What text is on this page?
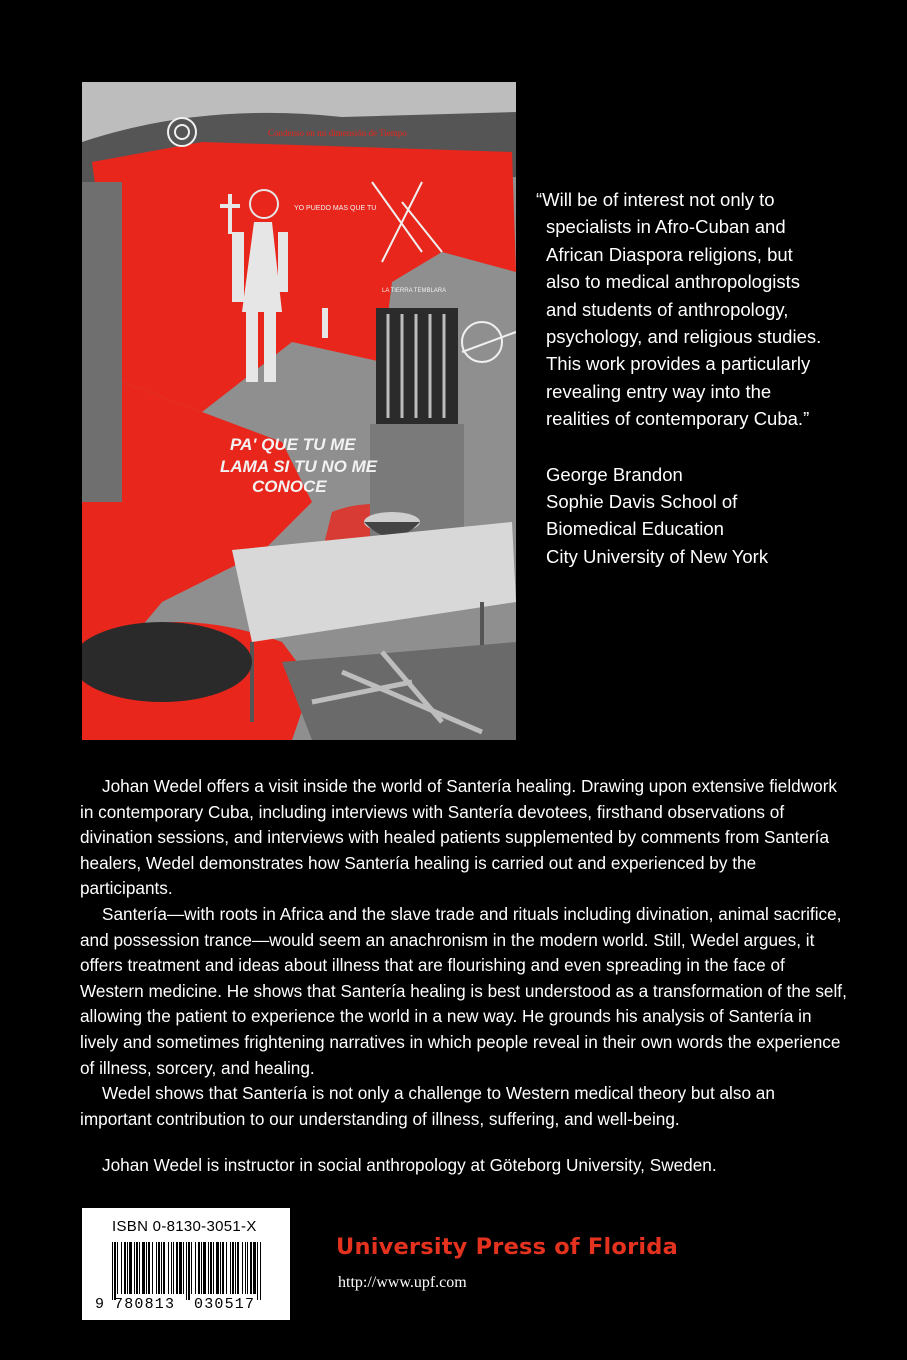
Condenso en mi dimensión de Tiempo
YO PUEDO MAS QUE TU
LA TIERRA TEMBLARA
PA' QUE TU ME
LAMA SI TU NO ME
CONOCE

“Will be of interest not only to
specialists in Afro-Cuban and
African Diaspora religions, but
also to medical anthropologists
and students of anthropology,
psychology, and religious studies.
This work provides a particularly
revealing entry way into the
realities of contemporary Cuba.”

George Brandon
Sophie Davis School of
Biomedical Education
City University of New York

Johan Wedel offers a visit inside the world of Santería healing. Drawing upon extensive fieldwork in contemporary Cuba, including interviews with Santería devotees, firsthand observations of divination sessions, and interviews with healed patients supplemented by comments from Santería healers, Wedel demonstrates how Santería healing is carried out and experienced by the participants.

Santería—with roots in Africa and the slave trade and rituals including divination, animal sacrifice, and possession trance—would seem an anachronism in the modern world. Still, Wedel argues, it offers treatment and ideas about illness that are flourishing and even spreading in the face of Western medicine. He shows that Santería healing is best understood as a transformation of the self, allowing the patient to experience the world in a new way. He grounds his analysis of Santería in lively and sometimes frightening narratives in which people reveal in their own words the experience of illness, sorcery, and healing.

Wedel shows that Santería is not only a challenge to Western medical theory but also an important contribution to our understanding of illness, suffering, and well-being.

Johan Wedel is instructor in social anthropology at Göteborg University, Sweden.

ISBN 0-8130-3051-X
9 780813 030517
University Press of Florida
http://www.upf.com
